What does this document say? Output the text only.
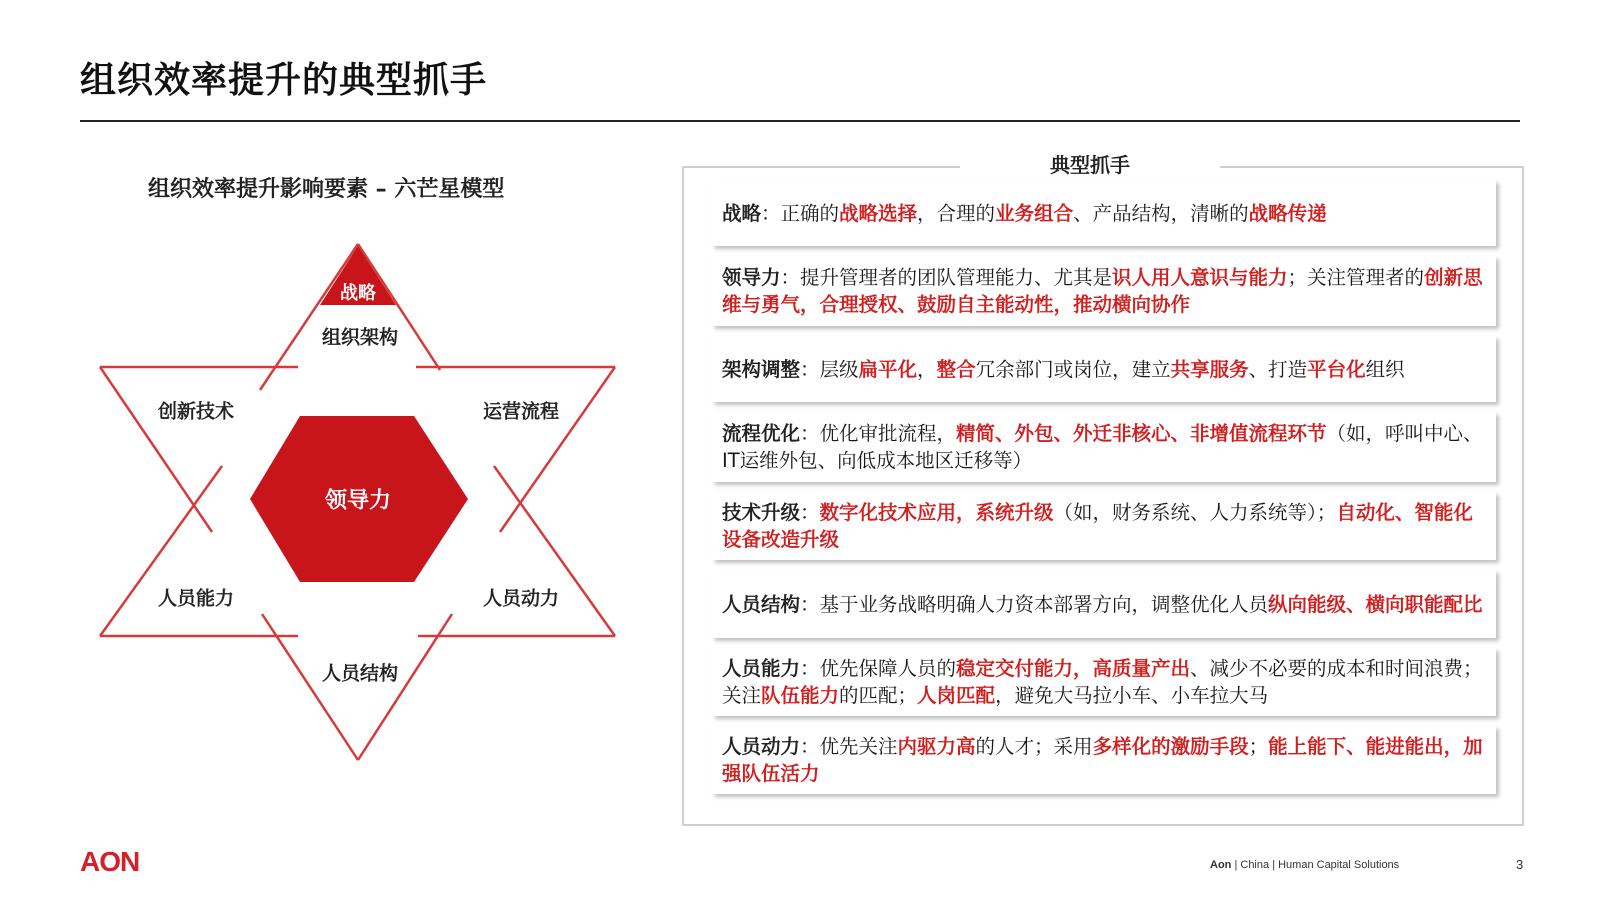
组织效率提升的典型抓手
组织效率提升影响要素 – 六芒星模型
战略
领导力
组织架构
创新技术	运营流程
人员能力	人员动力
人员结构
典型抓手
战略：正确的战略选择，合理的业务组合、产品结构，清晰的战略传递
领导力：提升管理者的团队管理能力、尤其是识人用人意识与能力；关注管理者的创新思维与勇气，合理授权、鼓励自主能动性，推动横向协作
架构调整：层级扁平化，整合冗余部门或岗位，建立共享服务、打造平台化组织
流程优化：优化审批流程，精简、外包、外迁非核心、非增值流程环节（如，呼叫中心、IT运维外包、向低成本地区迁移等）
技术升级：数字化技术应用，系统升级（如，财务系统、人力系统等）；自动化、智能化设备改造升级
人员结构：基于业务战略明确人力资本部署方向，调整优化人员纵向能级、横向职能配比
人员能力：优先保障人员的稳定交付能力，高质量产出、减少不必要的成本和时间浪费；关注队伍能力的匹配；人岗匹配，避免大马拉小车、小车拉大马
人员动力：优先关注内驱力高的人才；采用多样化的激励手段；能上能下、能进能出，加强队伍活力
AON	Aon | China | Human Capital Solutions	3
